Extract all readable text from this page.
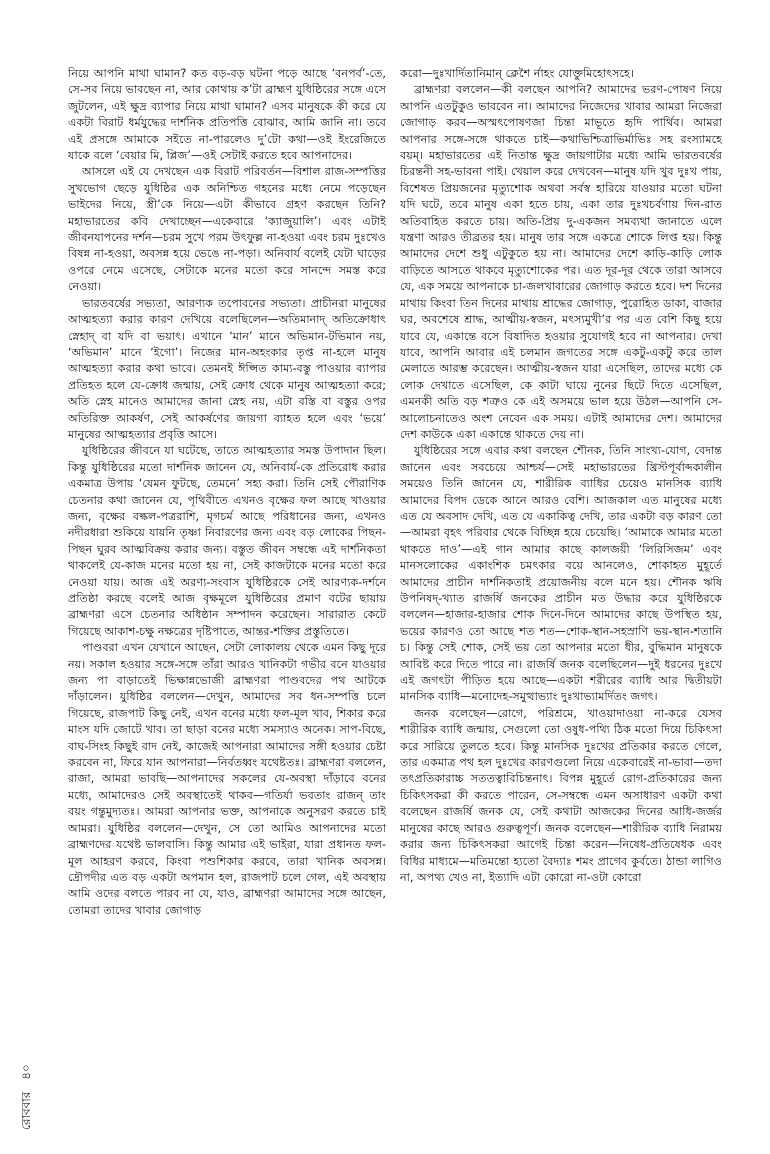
নিয়ে আপনি মাথা ঘামান? কত বড়-বড় ঘটনা পড়ে আছে ‘বনপর্ব’-তে, সে-সব নিয়ে ভাবছেন না, আর কোথায় ক’টা ব্রাহ্মণ যুধিষ্ঠিরের সঙ্গে এসে জুটলেন, এই ক্ষুদ্র ব্যাপার নিয়ে মাথা ঘামান? এসব মানুষকে কী করে যে একটা বিরাট ধর্মযুদ্ধের দার্শনিক প্রতিপত্তি বোঝাব, আমি জানি না। তবে এই প্রসঙ্গে আমাকে সইতে না-পারলেও দু’টো কথা—ওই ইংরেজিতে যাকে বলে ‘বেয়ার মি, প্লিজ’—ওই সেটাই করতে হবে আপনাদের।

আসলে এই যে দেখছেন এক বিরাট পরিবর্তন—বিশাল রাজ-সম্পত্তির সুখভোগ ছেড়ে যুধিষ্ঠির এক অনিশ্চিত গহনের মধ্যে নেমে পড়েছেন ভাইদের নিয়ে, স্ত্রী’কে নিয়ে—এটা কীভাবে গ্রহণ করছেন তিনি? মহাভারতের কবি দেখাচ্ছেন—একেবারে ‘ক্যাজুয়ালি’। এবং এটাই জীবনযাপনের দর্শন—চরম সুখে পরম উৎফুল্ল না-হওয়া এবং চরম দুঃখেও বিষন্ন না-হওয়া, অবসন্ন হয়ে ভেঙে না-পড়া। অনিবার্য বলেই যেটা ঘাড়ের ওপরে নেমে এসেছে, সেটাকে মনের মতো করে সানন্দে সমস্ত করে নেওয়া।

ভারতবর্ষের সভ্যতা, আরণ্যক তপোবনের সভ্যতা। প্রাচীনরা মানুষের আত্মহত্যা করার কারণ দেখিয়ে বলেছিলেন—অতিমানাদ্ অতিক্রোধাৎ স্নেহাদ্ বা যদি বা ভয়াৎ। এখানে ‘মান’ মানে অভিমান-টভিমান নয়, ‘অভিমান’ মানে ‘ইগো’। নিজের মান-অহংকার তৃপ্ত না-হলে মানুষ আত্মহত্যা করার কথা ভাবে। তেমনই ঈপ্সিত কাম্য-বস্তু পাওয়ার ব্যাপার প্রতিহত হলে যে-ক্রোধ জন্মায়, সেই ক্রোধ থেকে মানুষ আত্মহত্যা করে; অতি স্নেহ মানেও আমাদের জানা স্নেহ নয়, এটা বস্তি বা বস্তুর ওপর অতিরিক্ত আকর্ষণ, সেই আকর্ষণের জায়গা ব্যাহত হলে এবং ‘ভয়ে’ মানুষের আত্মহত্যার প্রবৃত্তি আসে।

যুধিষ্ঠিরের জীবনে যা ঘটেছে, তাতে আত্মহত্যার সমস্ত উপাদান ছিল। কিন্তু যুধিষ্ঠিরের মতো দার্শনিক জানেন যে, অনিবার্য-কে প্রতিরোধ করার একমাত্র উপায় ‘যেমন ফুটছে, তেমনে’ সহ্য করা। তিনি সেই পৌরাণিক চেতনার কথা জানেন যে, পৃথিবীতে এখনও বৃক্ষের ফল আছে খাওয়ার জন্য, বৃক্ষের বল্কল-পত্ররাশি, মৃগচর্ম আছে পরিধানের জন্য, এখনও নদীরধারা শুকিয়ে যায়নি তৃষ্ণা নিবারণের জন্য এবং বড় লোকের পিছন-পিছন ঘুরব আত্মবিক্রয় করার জন্য। বস্তুত জীবন সম্বন্ধে এই দার্শনিকতা থাকলেই যে-কাজ মনের মতো হয় না, সেই কাজটাকে মনের মতো করে নেওয়া যায়। আজ এই অরণ্য-সংবাস যুধিষ্ঠিরকে সেই আরণ্যক-দর্শনে প্রতিষ্ঠা করছে বলেই আজ বৃক্ষমূলে যুধিষ্ঠিরের প্রমাণ বটের ছায়ায় ব্রাহ্মণরা এসে চেতনার অধিষ্ঠান সম্পাদন করেছেন। সারারাত কেটে গিয়েছে আকাশ-চক্ষু নক্ষত্রের দৃষ্টিপাতে, আন্তর-শক্তির প্রস্তুতিতে।

পাণ্ডবরা এখন যেখানে আছেন, সেটা লোকালয় থেকে এমন কিছু দূরে নয়। সকাল হওয়ার সঙ্গে-সঙ্গে তাঁরা আরও খানিকটা গভীর বনে যাওয়ার জন্য পা বাড়াতেই ভিক্ষান্নভোজী ব্রাহ্মণরা পাণ্ডবদের পথ আটকে দাঁড়ালেন। যুধিষ্ঠির বললেন—দেখুন, আমাদের সব ধন-সম্পত্তি চলে গিয়েছে, রাজপাট কিছু নেই, এখন বনের মধ্যে ফল-মূল খাব, শিকার করে মাংস যদি জোটে খাব। তা ছাড়া বনের মধ্যে সমস্যাও অনেক। সাপ-বিছে, বাঘ-সিংহ কিছুই বাদ নেই, কাজেই আপনারা আমাদের সঙ্গী হওয়ার চেষ্টা করবেন না, ফিরে যান আপনারা—নির্বতধ্বং যথেষ্টতঃ। ব্রাহ্মণরা বললেন, রাজা, আমরা ভাবছি—আপনাদের সকলের যে-অবস্থা দাঁড়াবে বনের মধ্যে, আমাদেরও সেই অবস্থাতেই থাকব—গতির্যা ভবতাং রাজন্ তাং বয়ং গন্তুমুদ্যতঃ। আমরা আপনার ভক্ত, আপনাকে অনুসরণ করতে চাই আমরা। যুধিষ্ঠির বললেন—দেখুন, সে তো আমিও আপনাদের মতো ব্রাহ্মণদের যথেষ্ট ভালবাসি। কিন্তু আমার এই ভাইরা, যারা প্রধানত ফল-মূল আহরণ করবে, কিংবা পশুশিকার করবে, তারা খানিক অবসন্ন। দ্রৌপদীর এত বড় একটা অপমান হল, রাজপাট চলে গেল, এই অবস্থায় আমি ওদের বলতে পারব না যে, যাও, ব্রাহ্মণরা আমাদের সঙ্গে আছেন, তোমরা তাদের খাবার জোগাড়

করো—দুঃখার্দিতানিমান্ ক্লেশৈ র্নাহং যোক্তুমিহোৎসহে।

ব্রাহ্মণরা বললেন—কী বলছেন আপনি? আমাদের ভরণ-পোষণ নিয়ে আপনি এতটুকুও ভাববেন না। আমাদের নিজেদের খাবার আমরা নিজেরা জোগাড় করব—অস্মৎপোষণজা চিন্তা মাভূতে হৃদি পার্থিব। আমরা আপনার সঙ্গে-সঙ্গে থাকতে চাই—কথাভিশ্চিত্রাভির্মাভিঃ সহ রংস্যামহে বয়ম্। মহাভারতের এই নিতান্ত ক্ষুদ্র জায়গাটার মধ্যে আমি ভারতবর্ষের চিরন্তনী সহ-ভাবনা পাই। খেয়াল করে দেখবেন—মানুষ যদি খুব দুঃখ পায়, বিশেষত প্রিয়জনের মৃত্যুশোক অথবা সর্বস্ব হারিয়ে যাওয়ার মতো ঘটনা যদি ঘটে, তবে মানুষ একা হতে চায়, একা তার দুঃখচর্বণায় দিন-রাত অতিবাহিত করতে চায়। অতি-প্রিয় দু-একজন সমব্যথা জানাতে এলে যন্ত্রণা আরও তীব্রতর হয়। মানুষ তার সঙ্গে একত্রে শোকে লিপ্ত হয়। কিন্তু আমাদের দেশে শুধু এটুকুতে হয় না। আমাদের দেশে কাড়ি-কাড়ি লোক বাড়িতে আসতে থাকবে মৃত্যুশোকের পর। এত দূর-দূর থেকে তারা আসবে যে, এক সময়ে আপনাকে চা-জলখাবারের জোগাড় করতে হবে। দশ দিনের মাথায় কিংবা তিন দিনের মাথায় শ্রাদ্ধের জোগাড়, পুরোহিত ডাকা, বাজার ঘর, অবশেষে শ্রাদ্ধ, আত্মীয়-স্বজন, মৎস্যমুখী’র পর এত বেশি কিছু হয়ে যাবে যে, একান্তে বসে বিষাদিত হওয়ার সুযোগই হবে না আপনার। দেখা যাবে, আপনি আবার এই চলমান জগতের সঙ্গে একটু-একটু করে তাল মেলাতে আরম্ভ করেছেন। আত্মীয়-স্বজন যারা এসেছিল, তাদের মধ্যে কে লোক দেখাতে এসেছিল, কে কাটা ঘায়ে নুনের ছিটে দিতে এসেছিল, এমনকী অতি বড় শত্রুও কে এই অসময়ে ভাল হয়ে উঠল—আপনি সে-আলোচনাতেও অংশ নেবেন এক সময়। এটাই আমাদের দেশ। আমাদের দেশ কাউকে একা একান্তে থাকতে দেয় না।

যুধিষ্ঠিরের সঙ্গে এবার কথা বলছেন শৌনক, তিনি সাংখ্য-যোগ, বেদান্ত জানেন এবং সবচেয়ে আশ্চর্য—সেই মহাভারতের খ্রিস্টপূর্বাব্দকালীন সময়েও তিনি জানেন যে, শারীরিক ব্যাধির চেয়েও মানসিক ব্যাধি আমাদের বিপদ ডেকে আনে আরও বেশি। আজকাল এত মানুষের মধ্যে এত যে অবসাদ দেখি, এত যে একাকিত্ব দেখি, তার একটা বড় কারণ তো—আমরা বৃহৎ পরিবার থেকে বিচ্ছিন্ন হয়ে চেয়েছি। ‘আমাকে আমার মতো থাকতে দাও’—এই গান আমার কাছে কালজয়ী ‘লিরিসিজম’ এবং মানসলোকের একাংশিক চমৎকার বয়ে আনলেও, শোকাহত মুহূর্তে আমাদের প্রাচীন দার্শনিকতাই প্রয়োজনীয় বলে মনে হয়। শৌনক ঋষি উপনিষদ্-খ্যাত রাজর্ষি জনকের প্রাচীন মত উদ্ধার করে যুধিষ্ঠিরকে বললেন—হাজার-হাজার শোক দিনে-দিনে আমাদের কাছে উপস্থিত হয়, ভয়ের কারণও তো আছে শত শত—শোক-স্থান-সহস্রাণি ভয়-স্থান-শতানি চ। কিন্তু সেই শোক, সেই ভয় তো আপনার মতো ধীর, বুদ্ধিমান মানুষকে আবিষ্ট করে দিতে পারে না। রাজর্ষি জনক বলেছিলেন—দুই ধরনের দুঃখে এই জগৎটা পীড়িত হয়ে আছে—একটা শরীরের ব্যাধি আর দ্বিতীয়টা মানসিক ব্যাধি—মনোদেহ-সমুত্থাভ্যাং দুঃখাভ্যামর্দিতং জগৎ।

জনক বলেছেন—রোগে, পরিশ্রমে, খাওয়াদাওয়া না-করে যেসব শারীরিক ব্যাধি জন্মায়, সেগুলো তো ওষুধ-পথ্যি ঠিক মতো দিয়ে চিকিৎসা করে সারিয়ে তুলতে হবে। কিন্তু মানসিক দুঃখের প্রতিকার করতে গেলে, তার একমাত্র পথ হল দুঃখের কারণগুলো নিয়ে একেবারেই না-ভাবা—তদা তৎপ্রতিকারাচ্চ সততত্বাবিচিন্তনাৎ। বিপন্ন মুহূর্তে রোগ-প্রতিকারের জন্য চিকিৎসকরা কী করতে পারেন, সে-সম্বন্ধে এমন অসাধারণ একটা কথা বলেছেন রাজর্ষি জনক যে, সেই কথাটা আজকের দিনের আধি-জর্জর মানুষের কাছে আরও গুরুত্বপূর্ণ। জনক বলেছেন—শারীরিক ব্যাধি নিরাময় করার জন্য চিকিৎসকরা আগেই চিন্তা করেন—নিষেধ-প্রতিষেধক এবং বিধির মাধ্যমে—মতিমন্তো হ্যতো বৈদ্যাঃ শমং প্রাগেব কুর্বতে। ঠান্ডা লাগিও না, অপথ্য খেও না, ইত্যাদি এটা কোরো না-ওটা কোরো

রোববার ৪০
